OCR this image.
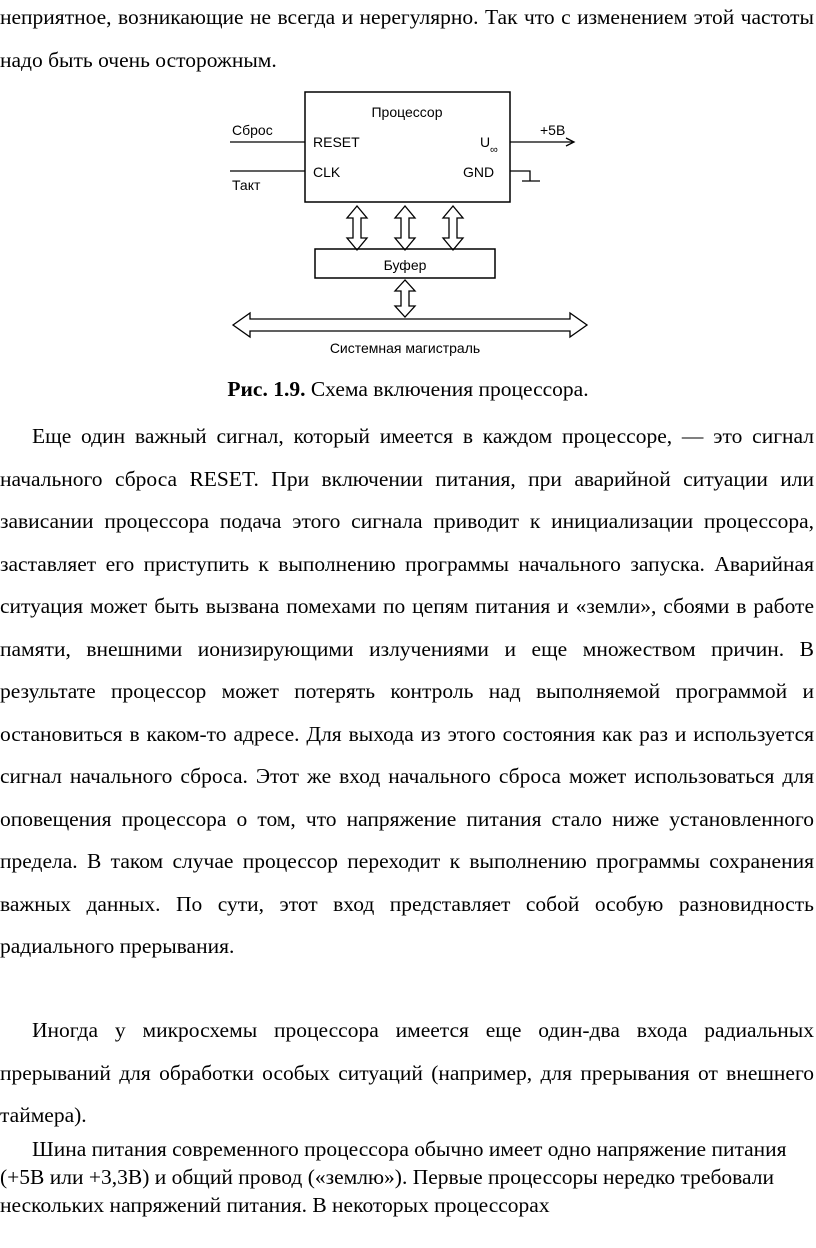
неприятное, возникающие не всегда и нерегулярно. Так что с изменением этой частоты надо быть очень осторожным.

Процессор
RESET
CLK
U ∞
GND
Сброс
Такт
+5В
Буфер
Системная магистраль
Рис. 1.9. Схема включения процессора.

Еще один важный сигнал, который имеется в каждом процессоре, — это сигнал начального сброса RESET. При включении питания, при аварийной ситуации или зависании процессора подача этого сигнала приводит к инициализации процессора, заставляет его приступить к выполнению программы начального запуска. Аварийная ситуация может быть вызвана помехами по цепям питания и «земли», сбоями в работе памяти, внешними ионизирующими излучениями и еще множеством причин. В результате процессор может потерять контроль над выполняемой программой и остановиться в каком-то адресе. Для выхода из этого состояния как раз и используется сигнал начального сброса. Этот же вход начального сброса может использоваться для оповещения процессора о том, что напряжение питания стало ниже установленного предела. В таком случае процессор переходит к выполнению программы сохранения важных данных. По сути, этот вход представляет собой особую разновидность радиального прерывания.

Иногда у микросхемы процессора имеется еще один-два входа радиальных прерываний для обработки особых ситуаций (например, для прерывания от внешнего таймера).

Шина питания современного процессора обычно имеет одно напряжение питания (+5В или +3,3В) и общий провод («землю»). Первые процессоры нередко требовали нескольких напряжений питания. В некоторых процессорах
